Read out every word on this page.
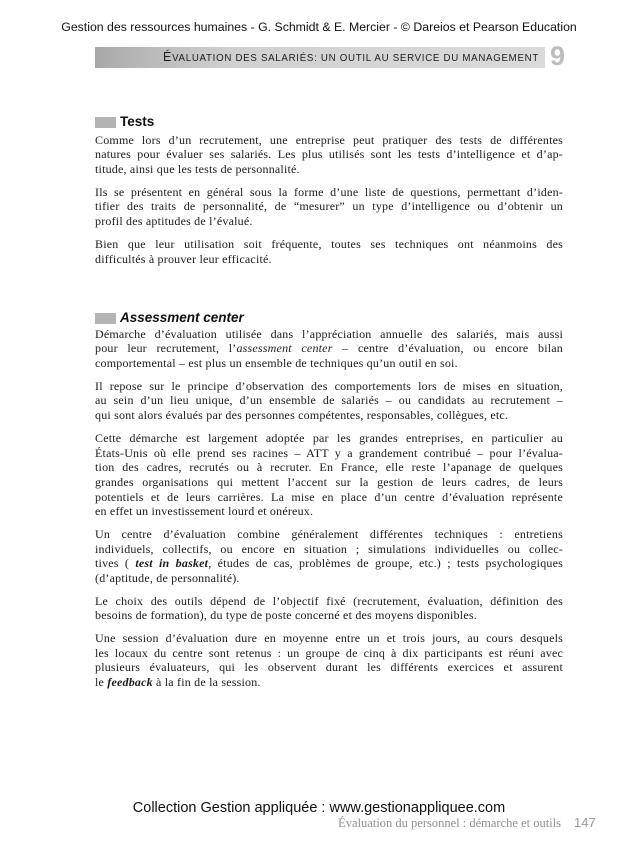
Gestion des ressources humaines - G. Schmidt & E. Mercier - © Dareios et Pearson Education
ÉVALUATION DES SALARIÉS: UN OUTIL AU SERVICE DU MANAGEMENT 9
Tests
Comme lors d’un recrutement, une entreprise peut pratiquer des tests de différentes
natures pour évaluer ses salariés. Les plus utilisés sont les tests d’intelligence et d’ap-
titude, ainsi que les tests de personnalité.
Ils se présentent en général sous la forme d’une liste de questions, permettant d’iden-
tifier des traits de personnalité, de “mesurer” un type d’intelligence ou d’obtenir un
profil des aptitudes de l’évalué.
Bien que leur utilisation soit fréquente, toutes ses techniques ont néanmoins des
difficultés à prouver leur efficacité.
Assessment center
Démarche d’évaluation utilisée dans l’appréciation annuelle des salariés, mais aussi
pour leur recrutement, l’assessment center – centre d’évaluation, ou encore bilan
comportemental – est plus un ensemble de techniques qu’un outil en soi.
Il repose sur le principe d’observation des comportements lors de mises en situation,
au sein d’un lieu unique, d’un ensemble de salariés – ou candidats au recrutement –
qui sont alors évalués par des personnes compétentes, responsables, collègues, etc.
Cette démarche est largement adoptée par les grandes entreprises, en particulier au
États-Unis où elle prend ses racines – ATT y a grandement contribué – pour l’évalua-
tion des cadres, recrutés ou à recruter. En France, elle reste l’apanage de quelques
grandes organisations qui mettent l’accent sur la gestion de leurs cadres, de leurs
potentiels et de leurs carrières. La mise en place d’un centre d’évaluation représente
en effet un investissement lourd et onéreux.
Un centre d’évaluation combine généralement différentes techniques : entretiens
individuels, collectifs, ou encore en situation ; simulations individuelles ou collec-
tives ( test in basket, études de cas, problèmes de groupe, etc.) ; tests psychologiques
(d’aptitude, de personnalité).
Le choix des outils dépend de l’objectif fixé (recrutement, évaluation, définition des
besoins de formation), du type de poste concerné et des moyens disponibles.
Une session d’évaluation dure en moyenne entre un et trois jours, au cours desquels
les locaux du centre sont retenus : un groupe de cinq à dix participants est réuni avec
plusieurs évaluateurs, qui les observent durant les différents exercices et assurent
le feedback à la fin de la session.
Évaluation du personnel : démarche et outils 147
Collection Gestion appliquée : www.gestionappliquee.com
